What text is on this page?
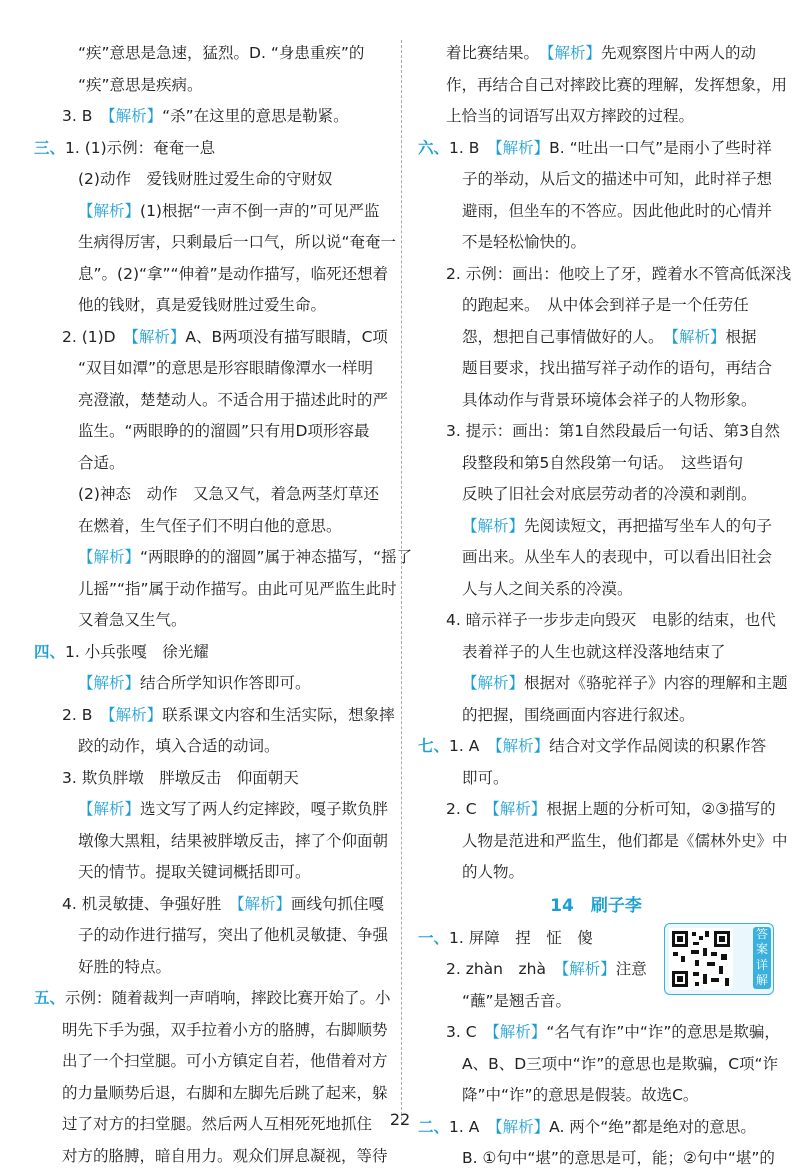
“疾”意思是急速，猛烈。D. “身患重疾”的
“疾”意思是疾病。
3. B　【解析】“杀”在这里的意思是勒紧。
三、1. (1)示例：奄奄一息
(2)动作　爱钱财胜过爱生命的守财奴
【解析】(1)根据“一声不倒一声的”可见严监
生病得厉害，只剩最后一口气，所以说“奄奄一
息”。(2)“拿”“伸着”是动作描写，临死还想着
他的钱财，真是爱钱财胜过爱生命。
2. (1)D　【解析】A、B两项没有描写眼睛，C项
“双目如潭”的意思是形容眼睛像潭水一样明
亮澄澈，楚楚动人。不适合用于描述此时的严
监生。“两眼睁的的溜圆”只有用D项形容最
合适。
(2)神态　动作　又急又气，着急两茎灯草还
在燃着，生气侄子们不明白他的意思。
【解析】“两眼睁的的溜圆”属于神态描写，“摇了
儿摇”“指”属于动作描写。由此可见严监生此时
又着急又生气。
四、1. 小兵张嘎　徐光耀
【解析】结合所学知识作答即可。
2. B　【解析】联系课文内容和生活实际，想象摔
跤的动作，填入合适的动词。
3. 欺负胖墩　胖墩反击　仰面朝天
【解析】选文写了两人约定摔跤，嘎子欺负胖
墩像大黑粗，结果被胖墩反击，摔了个仰面朝
天的情节。提取关键词概括即可。
4. 机灵敏捷、争强好胜　【解析】画线句抓住嘎
子的动作进行描写，突出了他机灵敏捷、争强
好胜的特点。
五、示例：随着裁判一声哨响，摔跤比赛开始了。小
明先下手为强，双手拉着小方的胳膊，右脚顺势
出了一个扫堂腿。可小方镇定自若，他借着对方
的力量顺势后退，右脚和左脚先后跳了起来，躲
过了对方的扫堂腿。然后两人互相死死地抓住
对方的胳膊，暗自用力。观众们屏息凝视，等待
着比赛结果。　【解析】先观察图片中两人的动
作，再结合自己对摔跤比赛的理解，发挥想象，用
上恰当的词语写出双方摔跤的过程。
六、1. B　【解析】B. “吐出一口气”是雨小了些时祥
子的举动，从后文的描述中可知，此时祥子想
避雨，但坐车的不答应。因此他此时的心情并
不是轻松愉快的。
2. 示例：画出：他咬上了牙，蹚着水不管高低深浅
的跑起来。　从中体会到祥子是一个任劳任
怨，想把自己事情做好的人。　【解析】根据
题目要求，找出描写祥子动作的语句，再结合
具体动作与背景环境体会祥子的人物形象。
3. 提示：画出：第1自然段最后一句话、第3自然
段整段和第5自然段第一句话。　这些语句
反映了旧社会对底层劳动者的冷漠和剥削。
【解析】先阅读短文，再把描写坐车人的句子
画出来。从坐车人的表现中，可以看出旧社会
人与人之间关系的冷漠。
4. 暗示祥子一步步走向毁灭　电影的结束，也代
表着祥子的人生也就这样没落地结束了
【解析】根据对《骆驼祥子》内容的理解和主题
的把握，围绕画面内容进行叙述。
七、1. A　【解析】结合对文学作品阅读的积累作答
即可。
2. C　【解析】根据上题的分析可知，②③描写的
人物是范进和严监生，他们都是《儒林外史》中
的人物。
14　刷子李
答案详解
一、1. 屏障　捏　怔　傻
2. zhàn　zhà　【解析】注意
“蘸”是翘舌音。
3. C　【解析】“名气有诈”中“诈”的意思是欺骗，
A、B、D三项中“诈”的意思也是欺骗，C项“诈
降”中“诈”的意思是假装。故选C。
二、1. A　【解析】A. 两个“绝”都是绝对的意思。
B. ①句中“堪”的意思是可，能；②句中“堪”的
22
